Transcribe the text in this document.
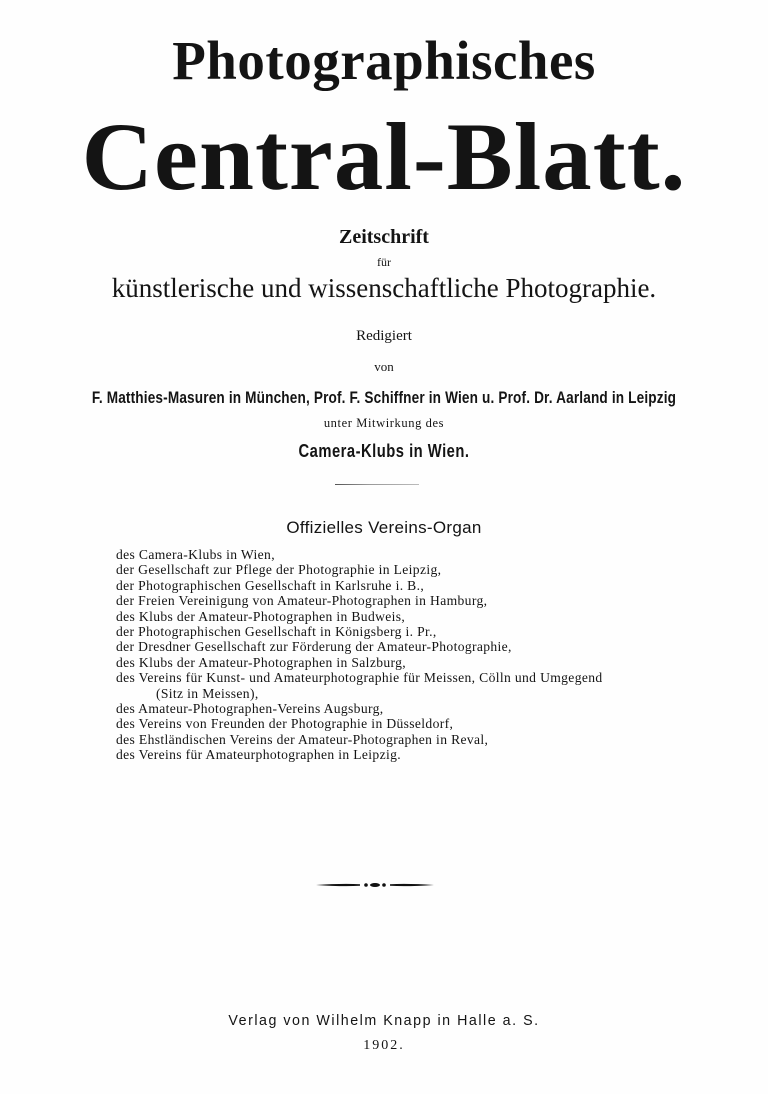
Photographisches
Central-Blatt.
Zeitschrift
für
künstlerische und wissenschaftliche Photographie.
Redigiert
von
F. Matthies-Masuren in München, Prof. F. Schiffner in Wien u. Prof. Dr. Aarland in Leipzig
unter Mitwirkung des
Camera-Klubs in Wien.
Offizielles Vereins-Organ
des Camera-Klubs in Wien,
der Gesellschaft zur Pflege der Photographie in Leipzig,
der Photographischen Gesellschaft in Karlsruhe i. B.,
der Freien Vereinigung von Amateur-Photographen in Hamburg,
des Klubs der Amateur-Photographen in Budweis,
der Photographischen Gesellschaft in Königsberg i. Pr.,
der Dresdner Gesellschaft zur Förderung der Amateur-Photographie,
des Klubs der Amateur-Photographen in Salzburg,
des Vereins für Kunst- und Amateurphotographie für Meissen, Cölln und Umgegend
(Sitz in Meissen),
des Amateur-Photographen-Vereins Augsburg,
des Vereins von Freunden der Photographie in Düsseldorf,
des Ehstländischen Vereins der Amateur-Photographen in Reval,
des Vereins für Amateurphotographen in Leipzig.
Verlag von Wilhelm Knapp in Halle a. S.
1902.
